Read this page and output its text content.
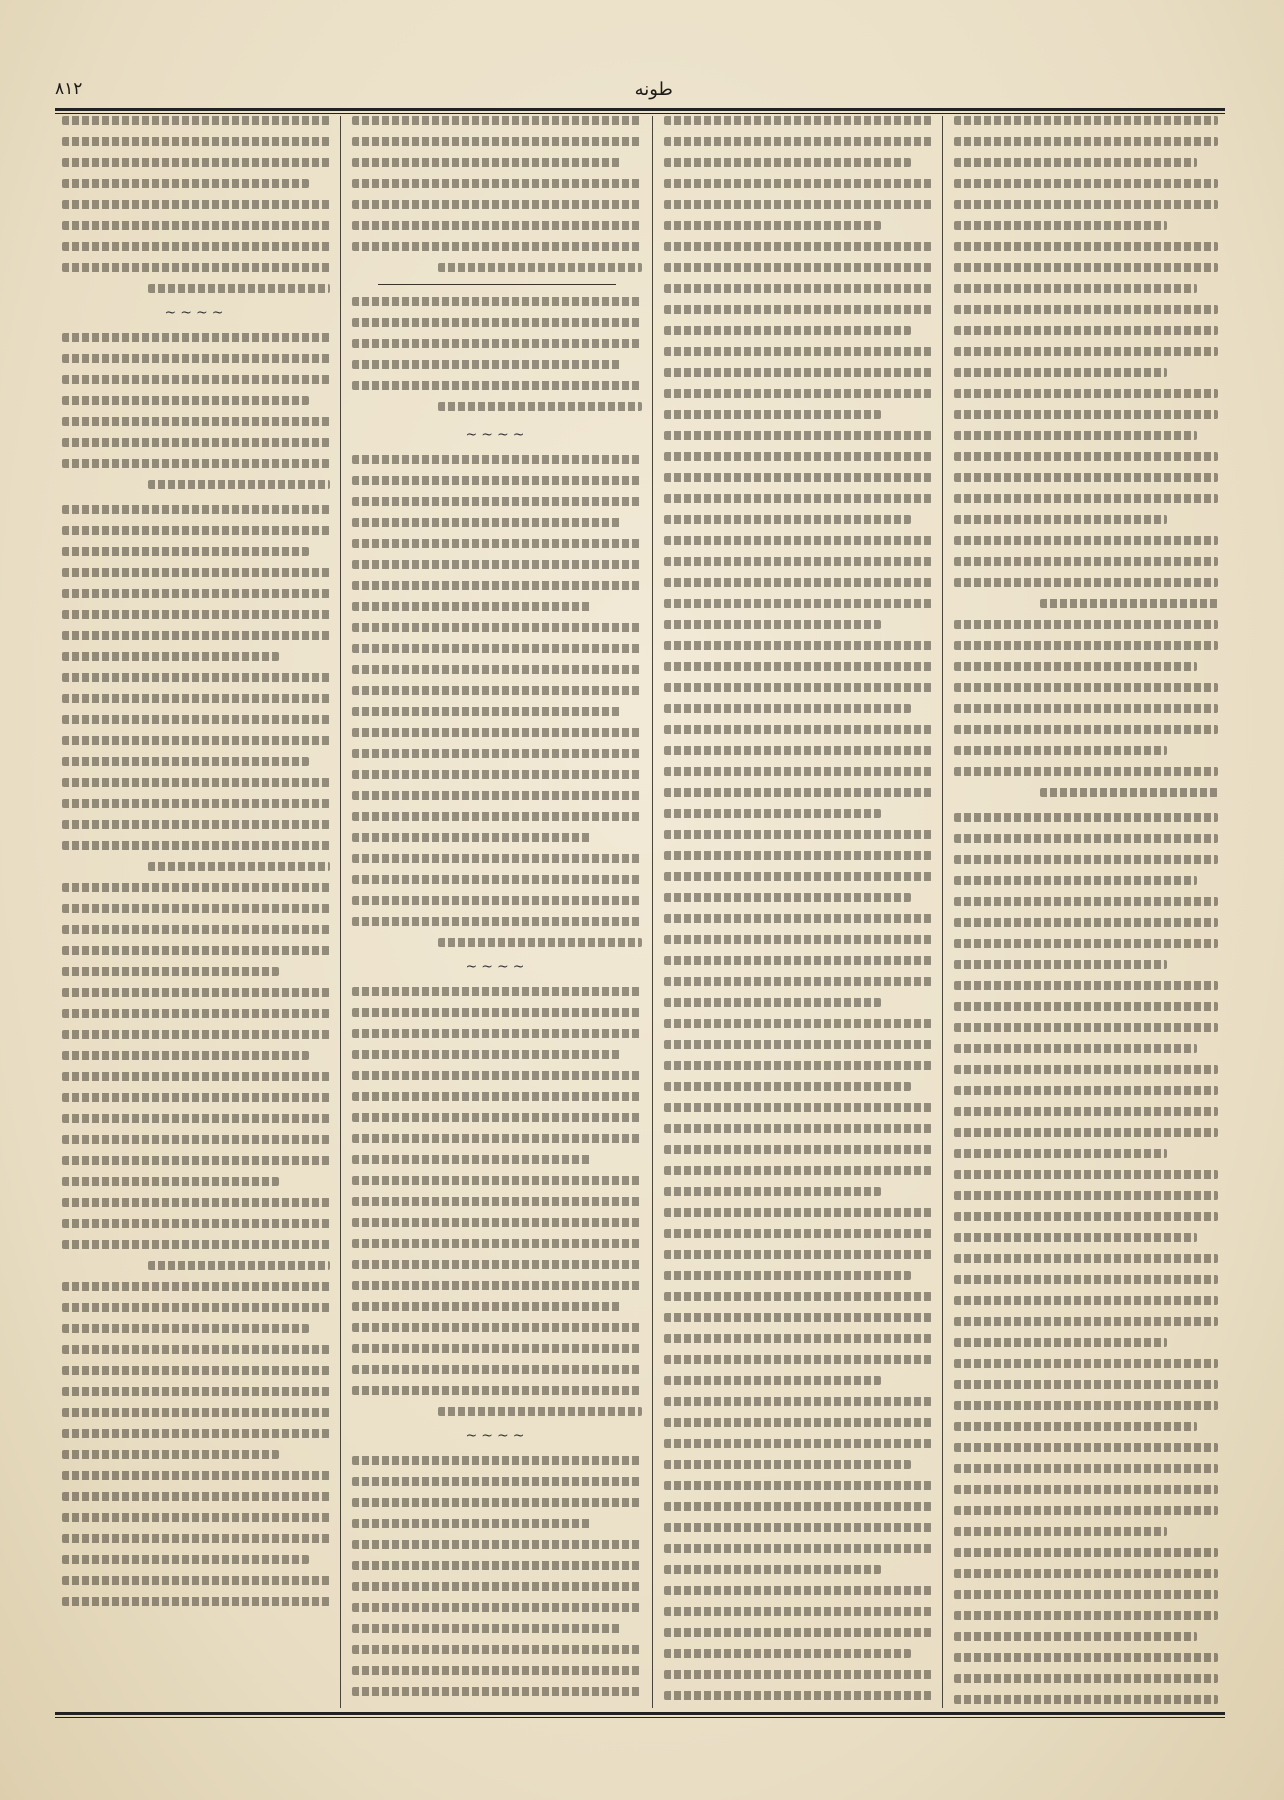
طونه
٨١٢
~~~~
~~~~
~~~~
~~~~
